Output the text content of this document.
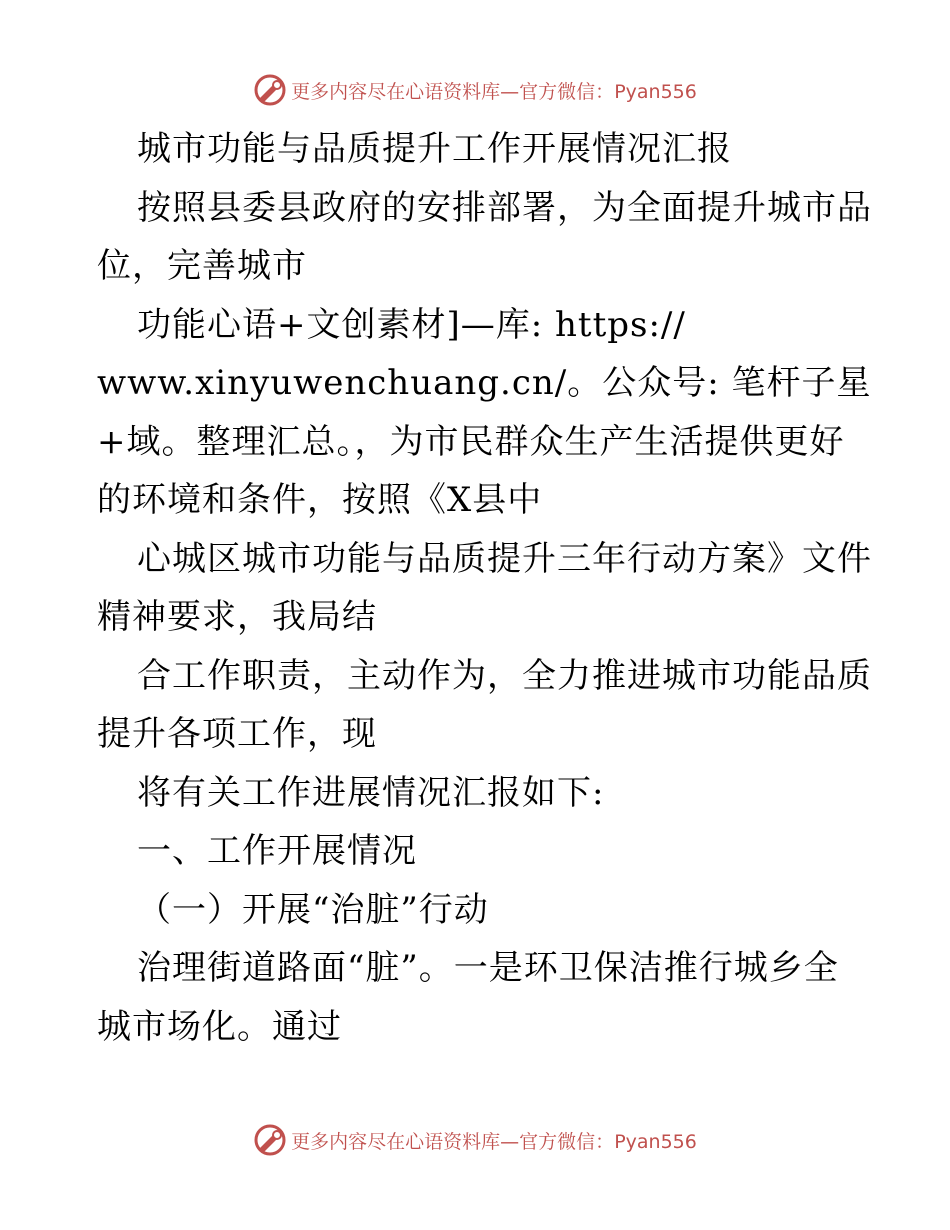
更多内容尽在心语资料库—官方微信：Pyan556
城市功能与品质提升工作开展情况汇报
按照县委县政府的安排部署，为全面提升城市品
位，完善城市
功能心语+文创素材]—库: https://
www.xinyuwenchuang.cn/。公众号: 笔杆子星
+域。整理汇总。，为市民群众生产生活提供更好
的环境和条件，按照《X县中
心城区城市功能与品质提升三年行动方案》文件
精神要求，我局结
合工作职责，主动作为，全力推进城市功能品质
提升各项工作，现
将有关工作进展情况汇报如下:
一、工作开展情况
（一）开展“治脏”行动
治理街道路面“脏”。一是环卫保洁推行城乡全
城市场化。通过
更多内容尽在心语资料库—官方微信：Pyan556
